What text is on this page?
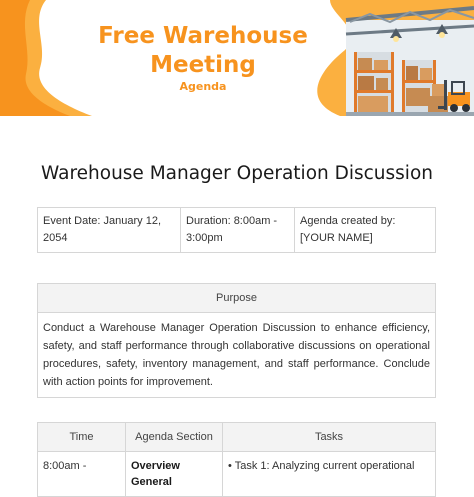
Free Warehouse
Meeting
Agenda
Warehouse Manager Operation Discussion
Event Date: January 12, 2054	Duration: 8:00am - 3:00pm	Agenda created by: [YOUR NAME]
Purpose
Conduct a Warehouse Manager Operation Discussion to enhance efficiency, safety, and staff performance through collaborative discussions on operational procedures, safety, inventory management, and staff performance. Conclude with action points for improvement.
Time	Agenda Section	Tasks
8:00am -	Overview General	• Task 1: Analyzing current operational
